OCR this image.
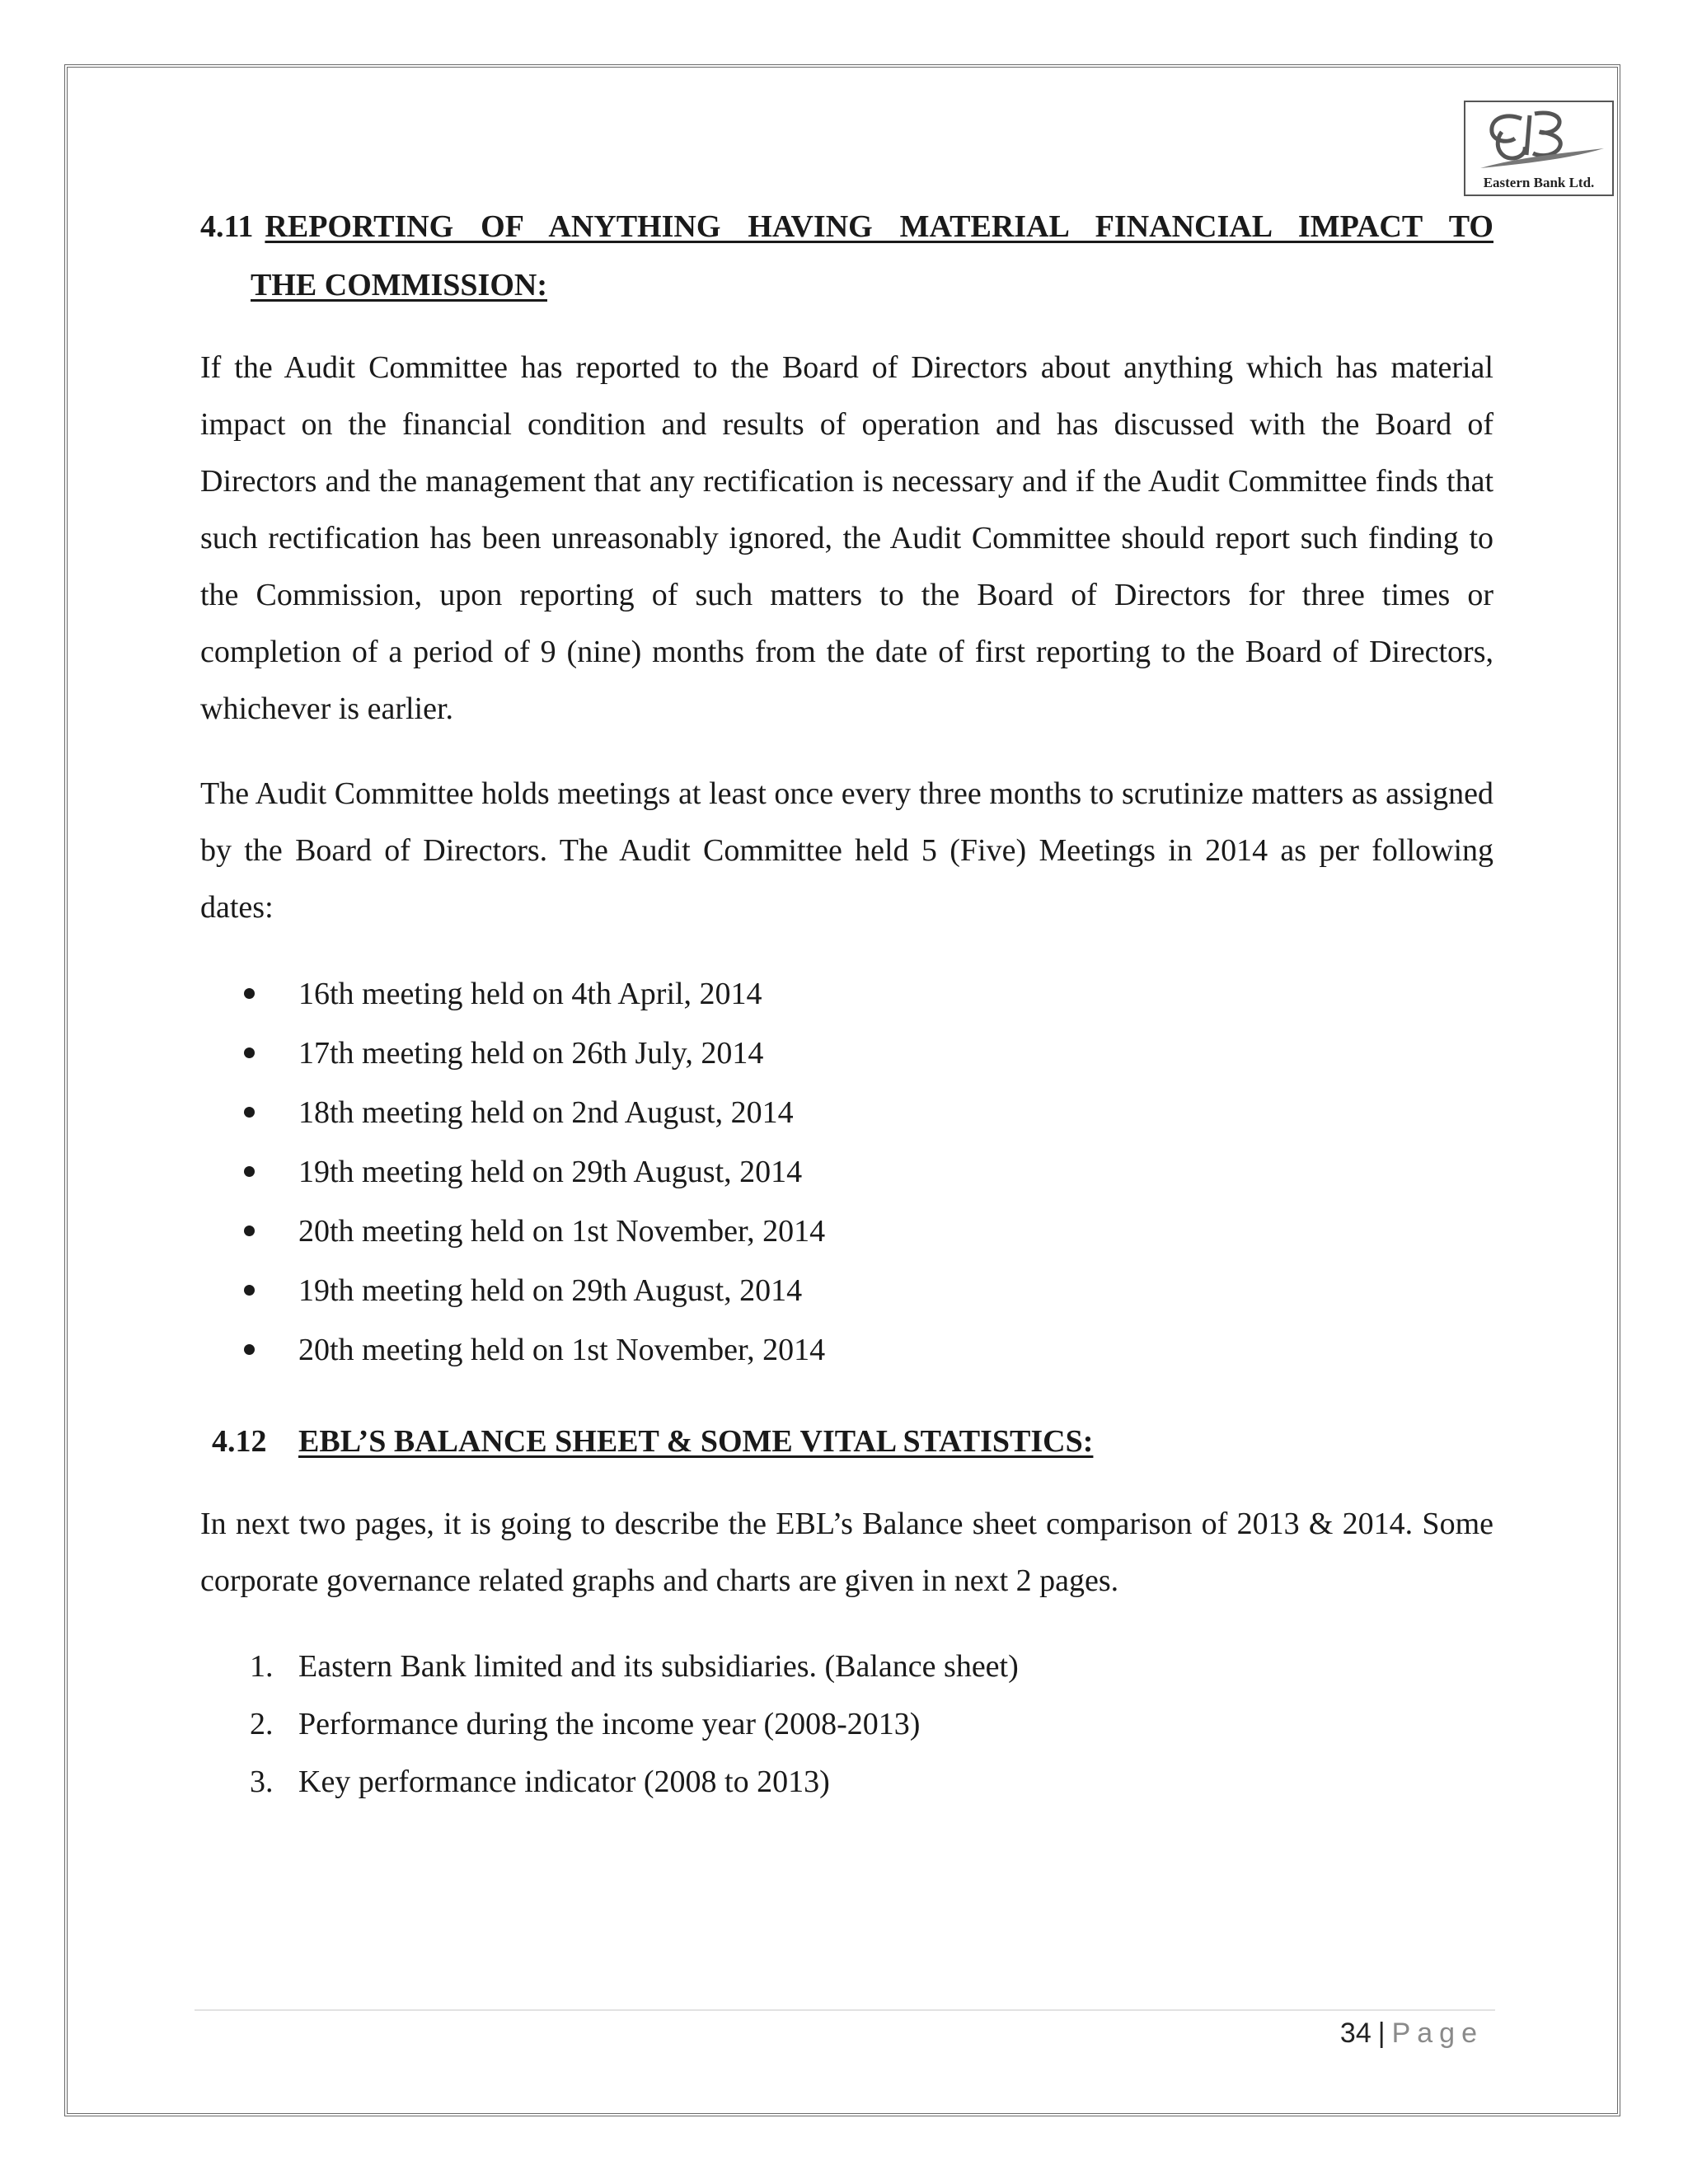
Eastern Bank Ltd.
4.11 REPORTING OF ANYTHING HAVING MATERIAL FINANCIAL IMPACT TO
THE COMMISSION:

If the Audit Committee has reported to the Board of Directors about anything which has material impact on the financial condition and results of operation and has discussed with the Board of Directors and the management that any rectification is necessary and if the Audit Committee finds that such rectification has been unreasonably ignored, the Audit Committee should report such finding to the Commission, upon reporting of such matters to the Board of Directors for three times or completion of a period of 9 (nine) months from the date of first reporting to the Board of Directors, whichever is earlier.

The Audit Committee holds meetings at least once every three months to scrutinize matters as assigned by the Board of Directors. The Audit Committee held 5 (Five) Meetings in 2014 as per following dates:

16th meeting held on 4th April, 2014
17th meeting held on 26th July, 2014
18th meeting held on 2nd August, 2014
19th meeting held on 29th August, 2014
20th meeting held on 1st November, 2014
19th meeting held on 29th August, 2014
20th meeting held on 1st November, 2014
4.12 EBL’S BALANCE SHEET & SOME VITAL STATISTICS:

In next two pages, it is going to describe the EBL’s Balance sheet comparison of 2013 & 2014. Some corporate governance related graphs and charts are given in next 2 pages.

1. Eastern Bank limited and its subsidiaries. (Balance sheet)
2. Performance during the income year (2008-2013)
3. Key performance indicator (2008 to 2013)
34 | Page
